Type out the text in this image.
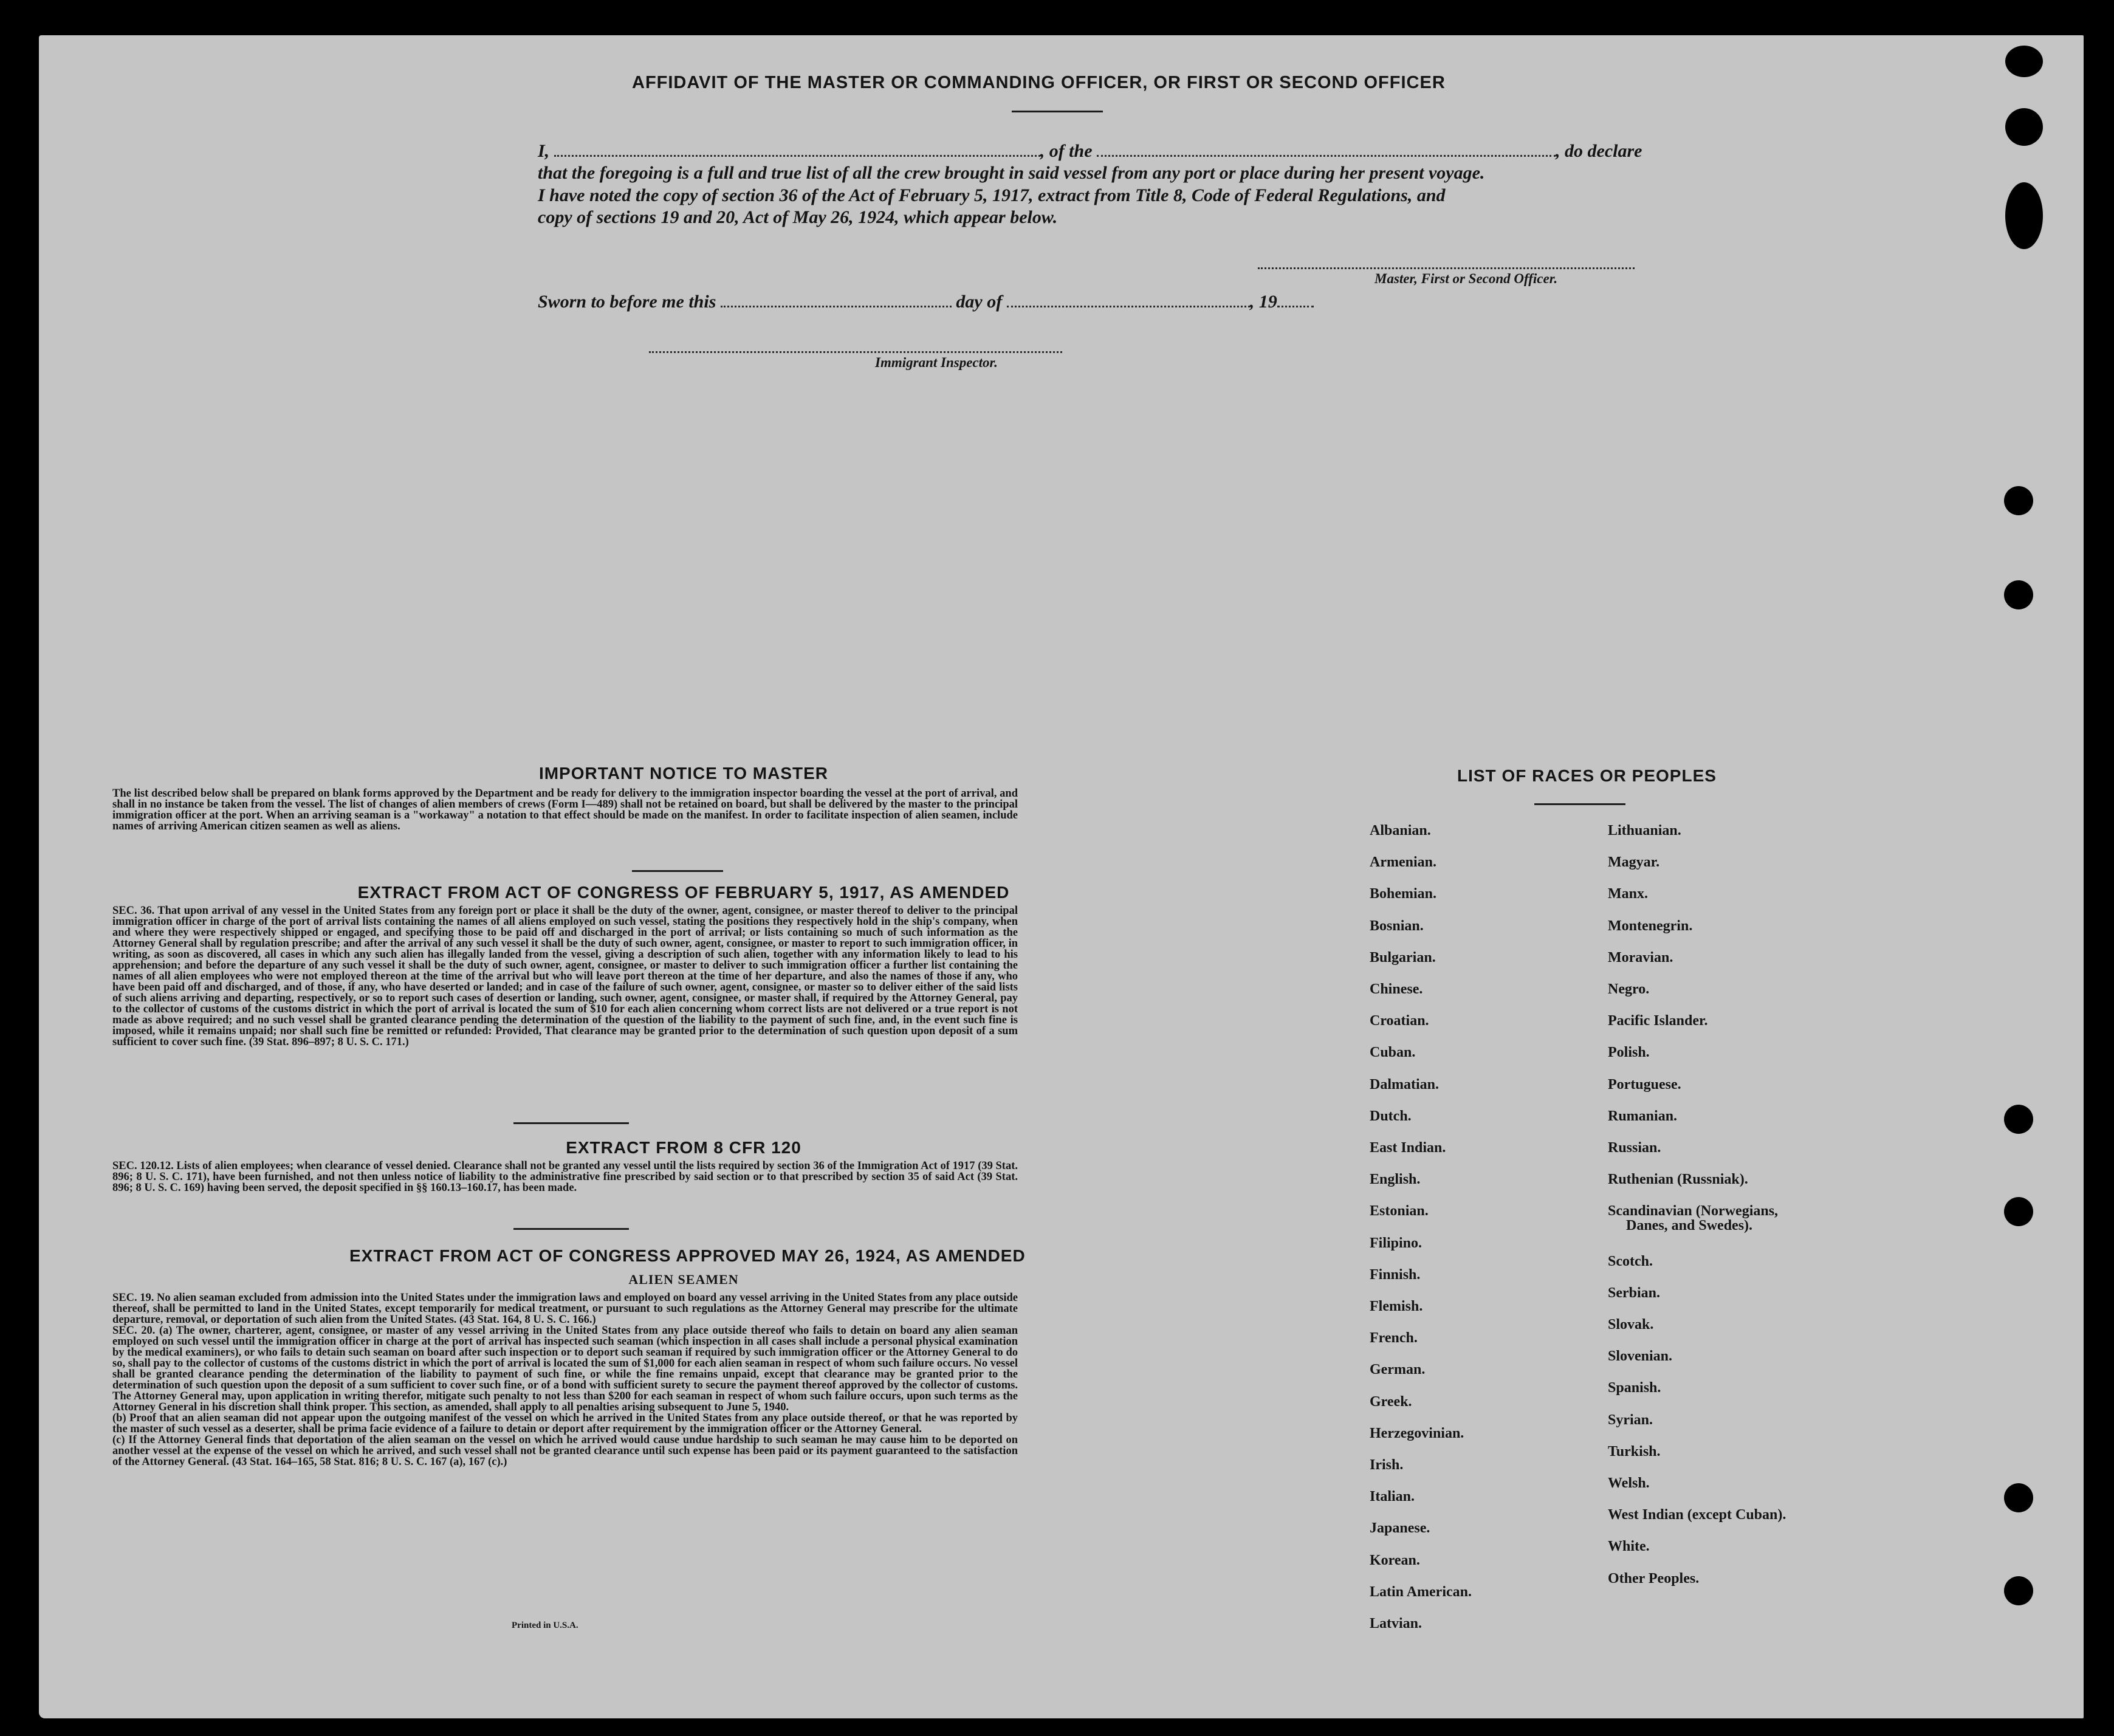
AFFIDAVIT OF THE MASTER OR COMMANDING OFFICER, OR FIRST OR SECOND OFFICER
I,	, of the	, do declare
that the foregoing is a full and true list of all the crew brought in said vessel from any port or place during her present voyage.
I have noted the copy of section 36 of the Act of February 5, 1917, extract from Title 8, Code of Federal Regulations, and
copy of sections 19 and 20, Act of May 26, 1924, which appear below.
Master, First or Second Officer.
Sworn to before me this	day of	, 19
Immigrant Inspector.
IMPORTANT NOTICE TO MASTER
The list described below shall be prepared on blank forms approved by the Department and be ready for delivery to the immigration inspector boarding the vessel at the port of arrival, and shall in no instance be taken from the vessel. The list of changes of alien members of crews (Form I—489) shall not be retained on board, but shall be delivered by the master to the principal immigration officer at the port. When an arriving seaman is a "workaway" a notation to that effect should be made on the manifest. In order to facilitate inspection of alien seamen, include names of arriving American citizen seamen as well as aliens.
EXTRACT FROM ACT OF CONGRESS OF FEBRUARY 5, 1917, AS AMENDED
SEC. 36. That upon arrival of any vessel in the United States from any foreign port or place it shall be the duty of the owner, agent, consignee, or master thereof to deliver to the principal immigration officer in charge of the port of arrival lists containing the names of all aliens employed on such vessel, stating the positions they respectively hold in the ship's company, when and where they were respectively shipped or engaged, and specifying those to be paid off and discharged in the port of arrival; or lists containing so much of such information as the Attorney General shall by regulation prescribe; and after the arrival of any such vessel it shall be the duty of such owner, agent, consignee, or master to report to such immigration officer, in writing, as soon as discovered, all cases in which any such alien has illegally landed from the vessel, giving a description of such alien, together with any information likely to lead to his apprehension; and before the departure of any such vessel it shall be the duty of such owner, agent, consignee, or master to deliver to such immigration officer a further list containing the names of all alien employees who were not employed thereon at the time of the arrival but who will leave port thereon at the time of her departure, and also the names of those if any, who have been paid off and discharged, and of those, if any, who have deserted or landed; and in case of the failure of such owner, agent, consignee, or master so to deliver either of the said lists of such aliens arriving and departing, respectively, or so to report such cases of desertion or landing, such owner, agent, consignee, or master shall, if required by the Attorney General, pay to the collector of customs of the customs district in which the port of arrival is located the sum of $10 for each alien concerning whom correct lists are not delivered or a true report is not made as above required; and no such vessel shall be granted clearance pending the determination of the question of the liability to the payment of such fine, and, in the event such fine is imposed, while it remains unpaid; nor shall such fine be remitted or refunded: Provided, That clearance may be granted prior to the determination of such question upon deposit of a sum sufficient to cover such fine. (39 Stat. 896–897; 8 U. S. C. 171.)
EXTRACT FROM 8 CFR 120
SEC. 120.12. Lists of alien employees; when clearance of vessel denied. Clearance shall not be granted any vessel until the lists required by section 36 of the Immigration Act of 1917 (39 Stat. 896; 8 U. S. C. 171), have been furnished, and not then unless notice of liability to the administrative fine prescribed by said section or to that prescribed by section 35 of said Act (39 Stat. 896; 8 U. S. C. 169) having been served, the deposit specified in §§ 160.13–160.17, has been made.
EXTRACT FROM ACT OF CONGRESS APPROVED MAY 26, 1924, AS AMENDED
ALIEN SEAMEN
SEC. 19. No alien seaman excluded from admission into the United States under the immigration laws and employed on board any vessel arriving in the United States from any place outside thereof, shall be permitted to land in the United States, except temporarily for medical treatment, or pursuant to such regulations as the Attorney General may prescribe for the ultimate departure, removal, or deportation of such alien from the United States. (43 Stat. 164, 8 U. S. C. 166.)
SEC. 20. (a) The owner, charterer, agent, consignee, or master of any vessel arriving in the United States from any place outside thereof who fails to detain on board any alien seaman employed on such vessel until the immigration officer in charge at the port of arrival has inspected such seaman (which inspection in all cases shall include a personal physical examination by the medical examiners), or who fails to detain such seaman on board after such inspection or to deport such seaman if required by such immigration officer or the Attorney General to do so, shall pay to the collector of customs of the customs district in which the port of arrival is located the sum of $1,000 for each alien seaman in respect of whom such failure occurs. No vessel shall be granted clearance pending the determination of the liability to payment of such fine, or while the fine remains unpaid, except that clearance may be granted prior to the determination of such question upon the deposit of a sum sufficient to cover such fine, or of a bond with sufficient surety to secure the payment thereof approved by the collector of customs. The Attorney General may, upon application in writing therefor, mitigate such penalty to not less than $200 for each seaman in respect of whom such failure occurs, upon such terms as the Attorney General in his discretion shall think proper. This section, as amended, shall apply to all penalties arising subsequent to June 5, 1940.
(b) Proof that an alien seaman did not appear upon the outgoing manifest of the vessel on which he arrived in the United States from any place outside thereof, or that he was reported by the master of such vessel as a deserter, shall be prima facie evidence of a failure to detain or deport after requirement by the immigration officer or the Attorney General.
(c) If the Attorney General finds that deportation of the alien seaman on the vessel on which he arrived would cause undue hardship to such seaman he may cause him to be deported on another vessel at the expense of the vessel on which he arrived, and such vessel shall not be granted clearance until such expense has been paid or its payment guaranteed to the satisfaction of the Attorney General. (43 Stat. 164–165, 58 Stat. 816; 8 U. S. C. 167 (a), 167 (c).)
Printed in U.S.A.
LIST OF RACES OR PEOPLES
Albanian.
Armenian.
Bohemian.
Bosnian.
Bulgarian.
Chinese.
Croatian.
Cuban.
Dalmatian.
Dutch.
East Indian.
English.
Estonian.
Filipino.
Finnish.
Flemish.
French.
German.
Greek.
Herzegovinian.
Irish.
Italian.
Japanese.
Korean.
Latin American.
Latvian.
Lithuanian.
Magyar.
Manx.
Montenegrin.
Moravian.
Negro.
Pacific Islander.
Polish.
Portuguese.
Rumanian.
Russian.
Ruthenian (Russniak).
Scandinavian (Norwegians,
Danes, and Swedes).
Scotch.
Serbian.
Slovak.
Slovenian.
Spanish.
Syrian.
Turkish.
Welsh.
West Indian (except Cuban).
White.
Other Peoples.
